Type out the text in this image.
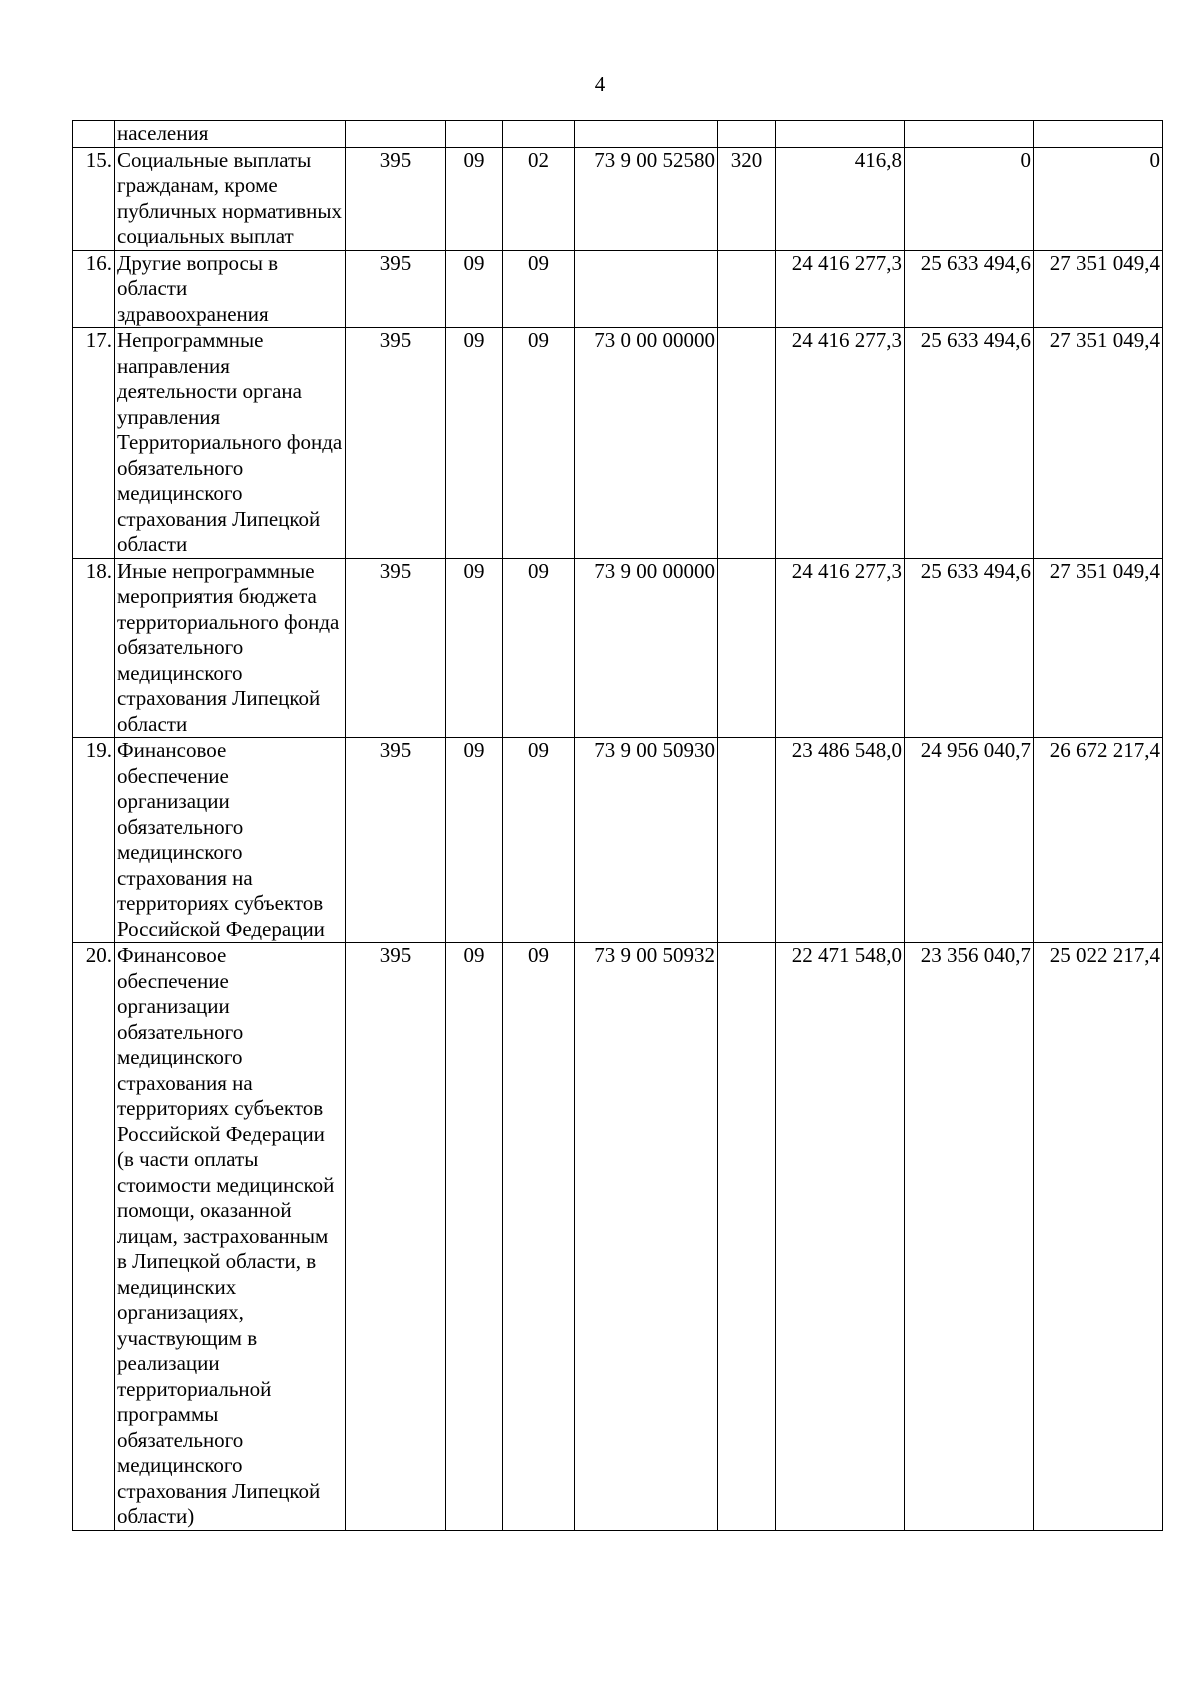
4
	населения								
15.	Социальные выплаты гражданам, кроме публичных нормативных социальных выплат	395	09	02	73 9 00 52580	320	416,8	0	0
16.	Другие вопросы в области здравоохранения	395	09	09			24 416 277,3	25 633 494,6	27 351 049,4
17.	Непрограммные направления деятельности органа управления Территориального фонда обязательного медицинского страхования Липецкой области	395	09	09	73 0 00 00000		24 416 277,3	25 633 494,6	27 351 049,4
18.	Иные непрограммные мероприятия бюджета территориального фонда обязательного медицинского страхования Липецкой области	395	09	09	73 9 00 00000		24 416 277,3	25 633 494,6	27 351 049,4
19.	Финансовое обеспечение организации обязательного медицинского страхования на территориях субъектов Российской Федерации	395	09	09	73 9 00 50930		23 486 548,0	24 956 040,7	26 672 217,4
20.	Финансовое обеспечение организации обязательного медицинского страхования на территориях субъектов Российской Федерации (в части оплаты стоимости медицинской помощи, оказанной лицам, застрахованным в Липецкой области, в медицинских организациях, участвующим в реализации территориальной программы обязательного медицинского страхования Липецкой области)	395	09	09	73 9 00 50932		22 471 548,0	23 356 040,7	25 022 217,4
